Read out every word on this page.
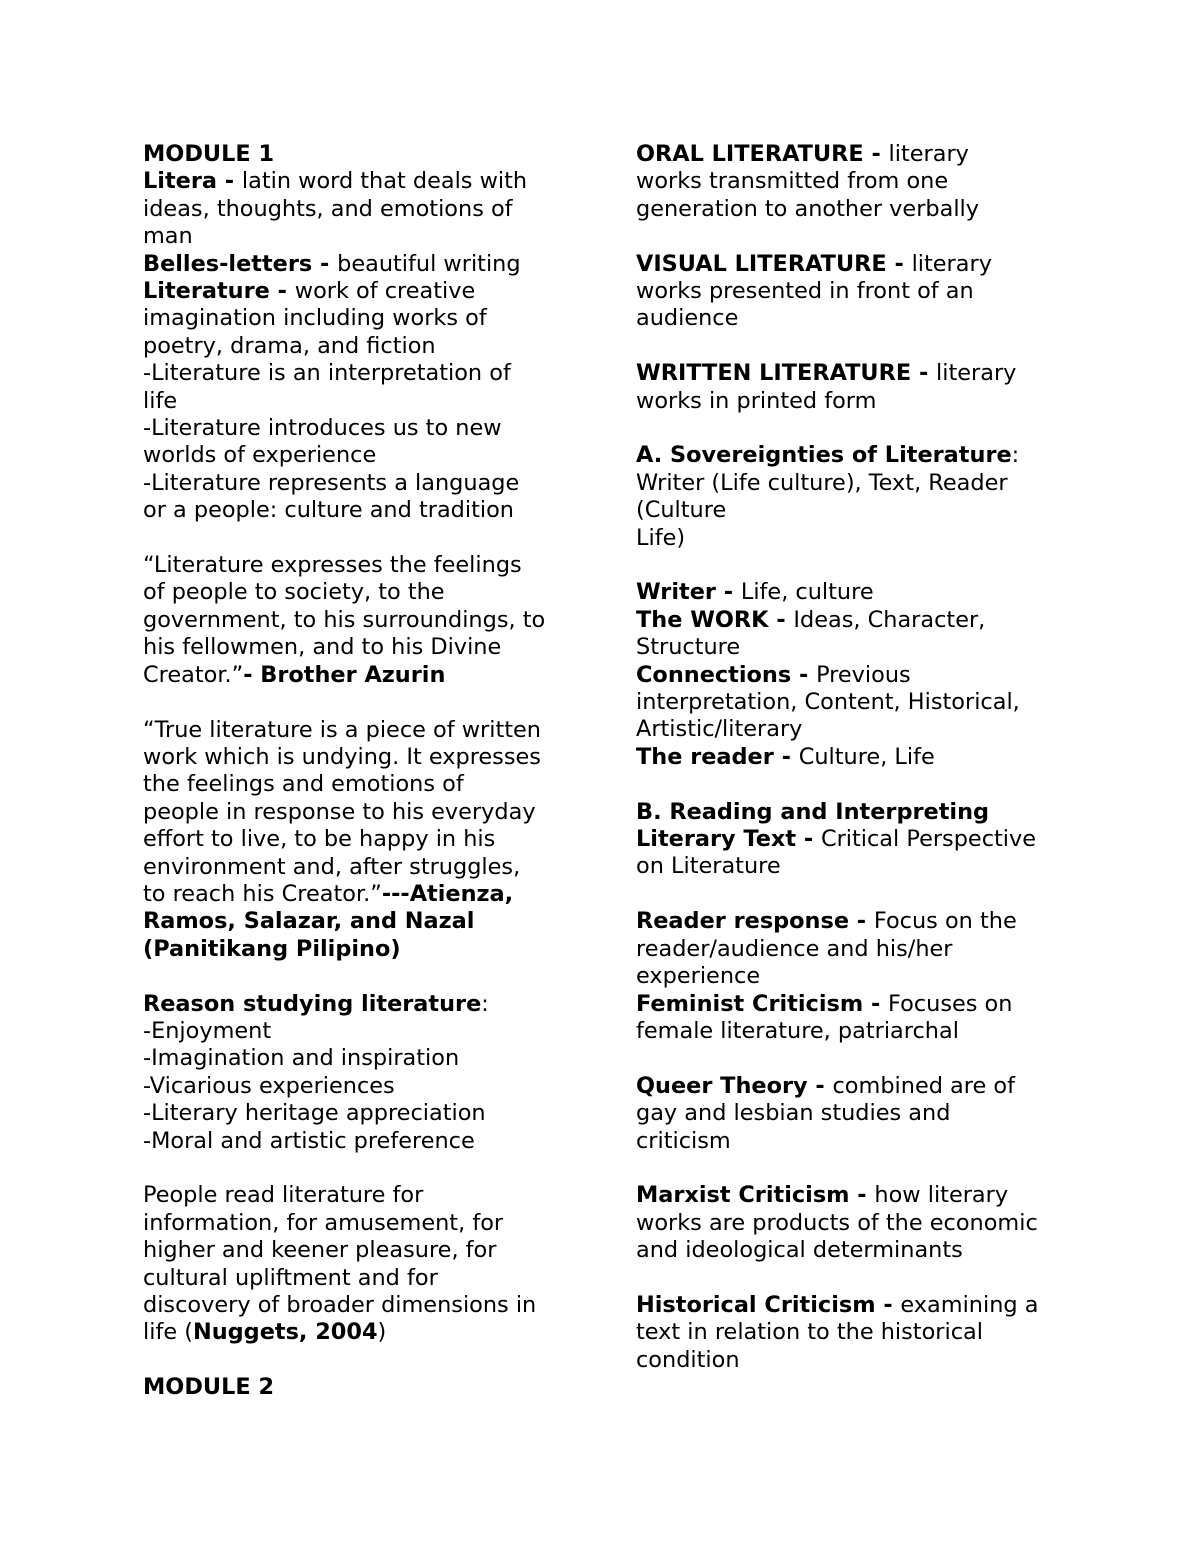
MODULE 1
Litera - latin word that deals with
ideas, thoughts, and emotions of
man
Belles-letters - beautiful writing
Literature - work of creative
imagination including works of
poetry, drama, and fiction
-Literature is an interpretation of
life
-Literature introduces us to new
worlds of experience
-Literature represents a language
or a people: culture and tradition
“Literature expresses the feelings
of people to society, to the
government, to his surroundings, to
his fellowmen, and to his Divine
Creator.”- Brother Azurin
“True literature is a piece of written
work which is undying. It expresses
the feelings and emotions of
people in response to his everyday
effort to live, to be happy in his
environment and, after struggles,
to reach his Creator.”---Atienza,
Ramos, Salazar, and Nazal
(Panitikang Pilipino)
Reason studying literature:
-Enjoyment
-Imagination and inspiration
-Vicarious experiences
-Literary heritage appreciation
-Moral and artistic preference
People read literature for
information, for amusement, for
higher and keener pleasure, for
cultural upliftment and for
discovery of broader dimensions in
life (Nuggets, 2004)
MODULE 2
ORAL LITERATURE - literary
works transmitted from one
generation to another verbally
VISUAL LITERATURE - literary
works presented in front of an
audience
WRITTEN LITERATURE - literary
works in printed form
A. Sovereignties of Literature:
Writer (Life culture), Text, Reader
(Culture
Life)
Writer - Life, culture
The WORK - Ideas, Character,
Structure
Connections - Previous
interpretation, Content, Historical,
Artistic/literary
The reader - Culture, Life
B. Reading and Interpreting
Literary Text - Critical Perspective
on Literature
Reader response - Focus on the
reader/audience and his/her
experience
Feminist Criticism - Focuses on
female literature, patriarchal
Queer Theory - combined are of
gay and lesbian studies and
criticism
Marxist Criticism - how literary
works are products of the economic
and ideological determinants
Historical Criticism - examining a
text in relation to the historical
condition
